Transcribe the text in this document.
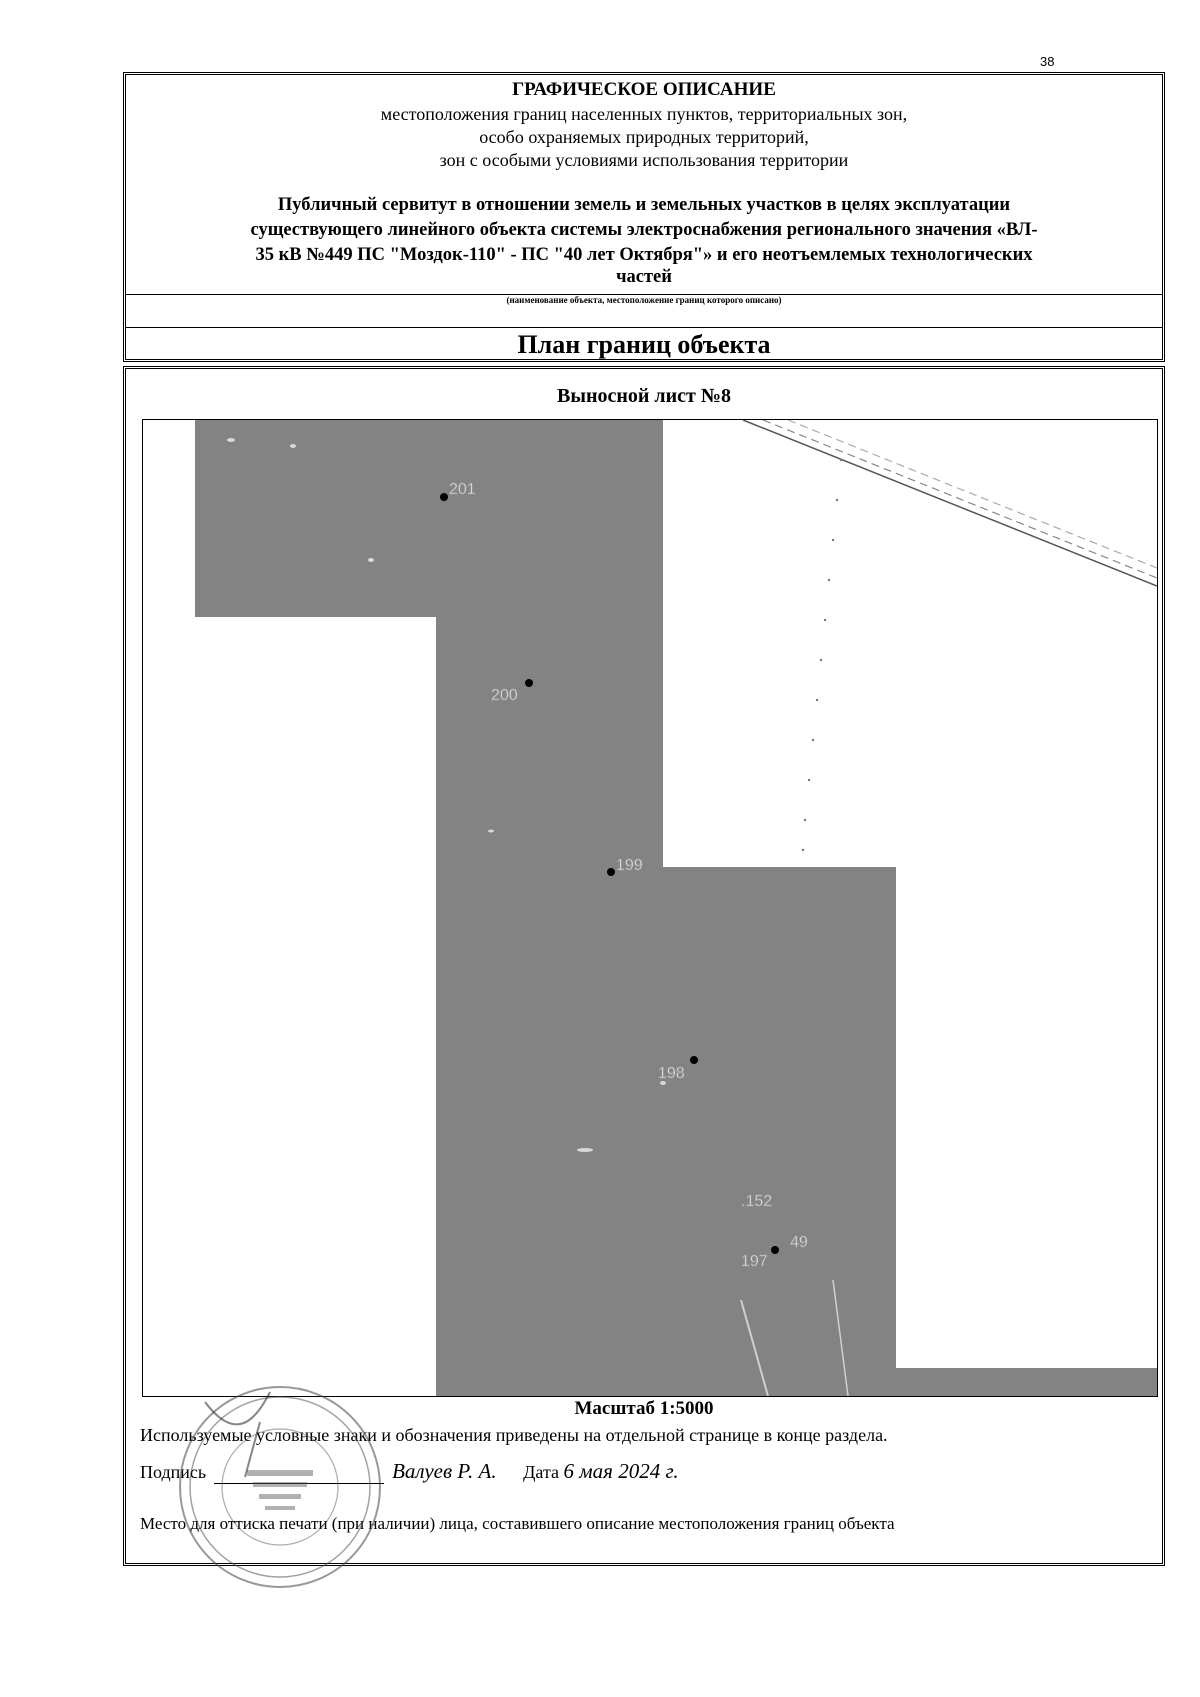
38
ГРАФИЧЕСКОЕ ОПИСАНИЕ
местоположения границ населенных пунктов, территориальных зон,
особо охраняемых природных территорий,
зон с особыми условиями использования территории
Публичный сервитут в отношении земель и земельных участков в целях эксплуатации
существующего линейного объекта системы электроснабжения регионального значения «ВЛ-
35 кВ №449 ПС "Моздок-110" - ПС "40 лет Октября"» и его неотъемлемых технологических
частей
(наименование объекта, местоположение границ которого описано)
План границ объекта
Выносной лист №8
201
200
199
198
.152
49
197
Масштаб 1:5000
Используемые условные знаки и обозначения приведены на отдельной странице в конце раздела.
Подпись	Валуев Р. А. Дата 6 мая 2024 г.
Место для оттиска печати (при наличии) лица, составившего описание местоположения границ объекта
